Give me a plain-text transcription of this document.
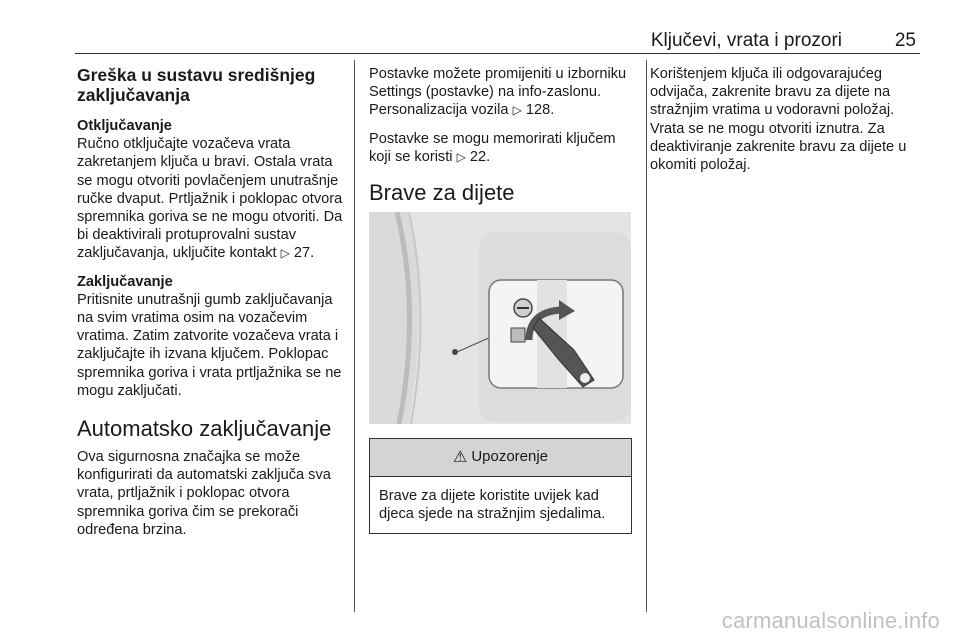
Ključevi, vrata i prozori	25
Greška u sustavu središnjeg zaključavanja
Otključavanje

Ručno otključajte vozačeva vrata zakretanjem ključa u bravi. Ostala vrata se mogu otvoriti povlačenjem unutrašnje ručke dvaput. Prtljažnik i poklopac otvora spremnika goriva se ne mogu otvoriti. Da bi deaktivirali protuprovalni sustav zaključavanja, uključite kontakt ▷ 27.

Zaključavanje

Pritisnite unutrašnji gumb zaključavanja na svim vratima osim na vozačevim vratima. Zatim zatvorite vozačeva vrata i zaključajte ih izvana ključem. Poklopac spremnika goriva i vrata prtljažnika se ne mogu zaključati.

Automatsko zaključavanje

Ova sigurnosna značajka se može konfigurirati da automatski zaključa sva vrata, prtljažnik i poklopac otvora spremnika goriva čim se prekorači određena brzina.

Postavke možete promijeniti u izborniku Settings (postavke) na info-zaslonu. Personalizacija vozila ▷ 128.

Postavke se mogu memorirati ključem koji se koristi ▷ 22.

Brave za dijete
⚠ Upozorenje
Brave za dijete koristite uvijek kad djeca sjede na stražnjim sjedalima.

Korištenjem ključa ili odgovarajućeg odvijača, zakrenite bravu za dijete na stražnjim vratima u vodoravni položaj. Vrata se ne mogu otvoriti iznutra. Za deaktiviranje zakrenite bravu za dijete u okomiti položaj.

carmanualsonline.info
